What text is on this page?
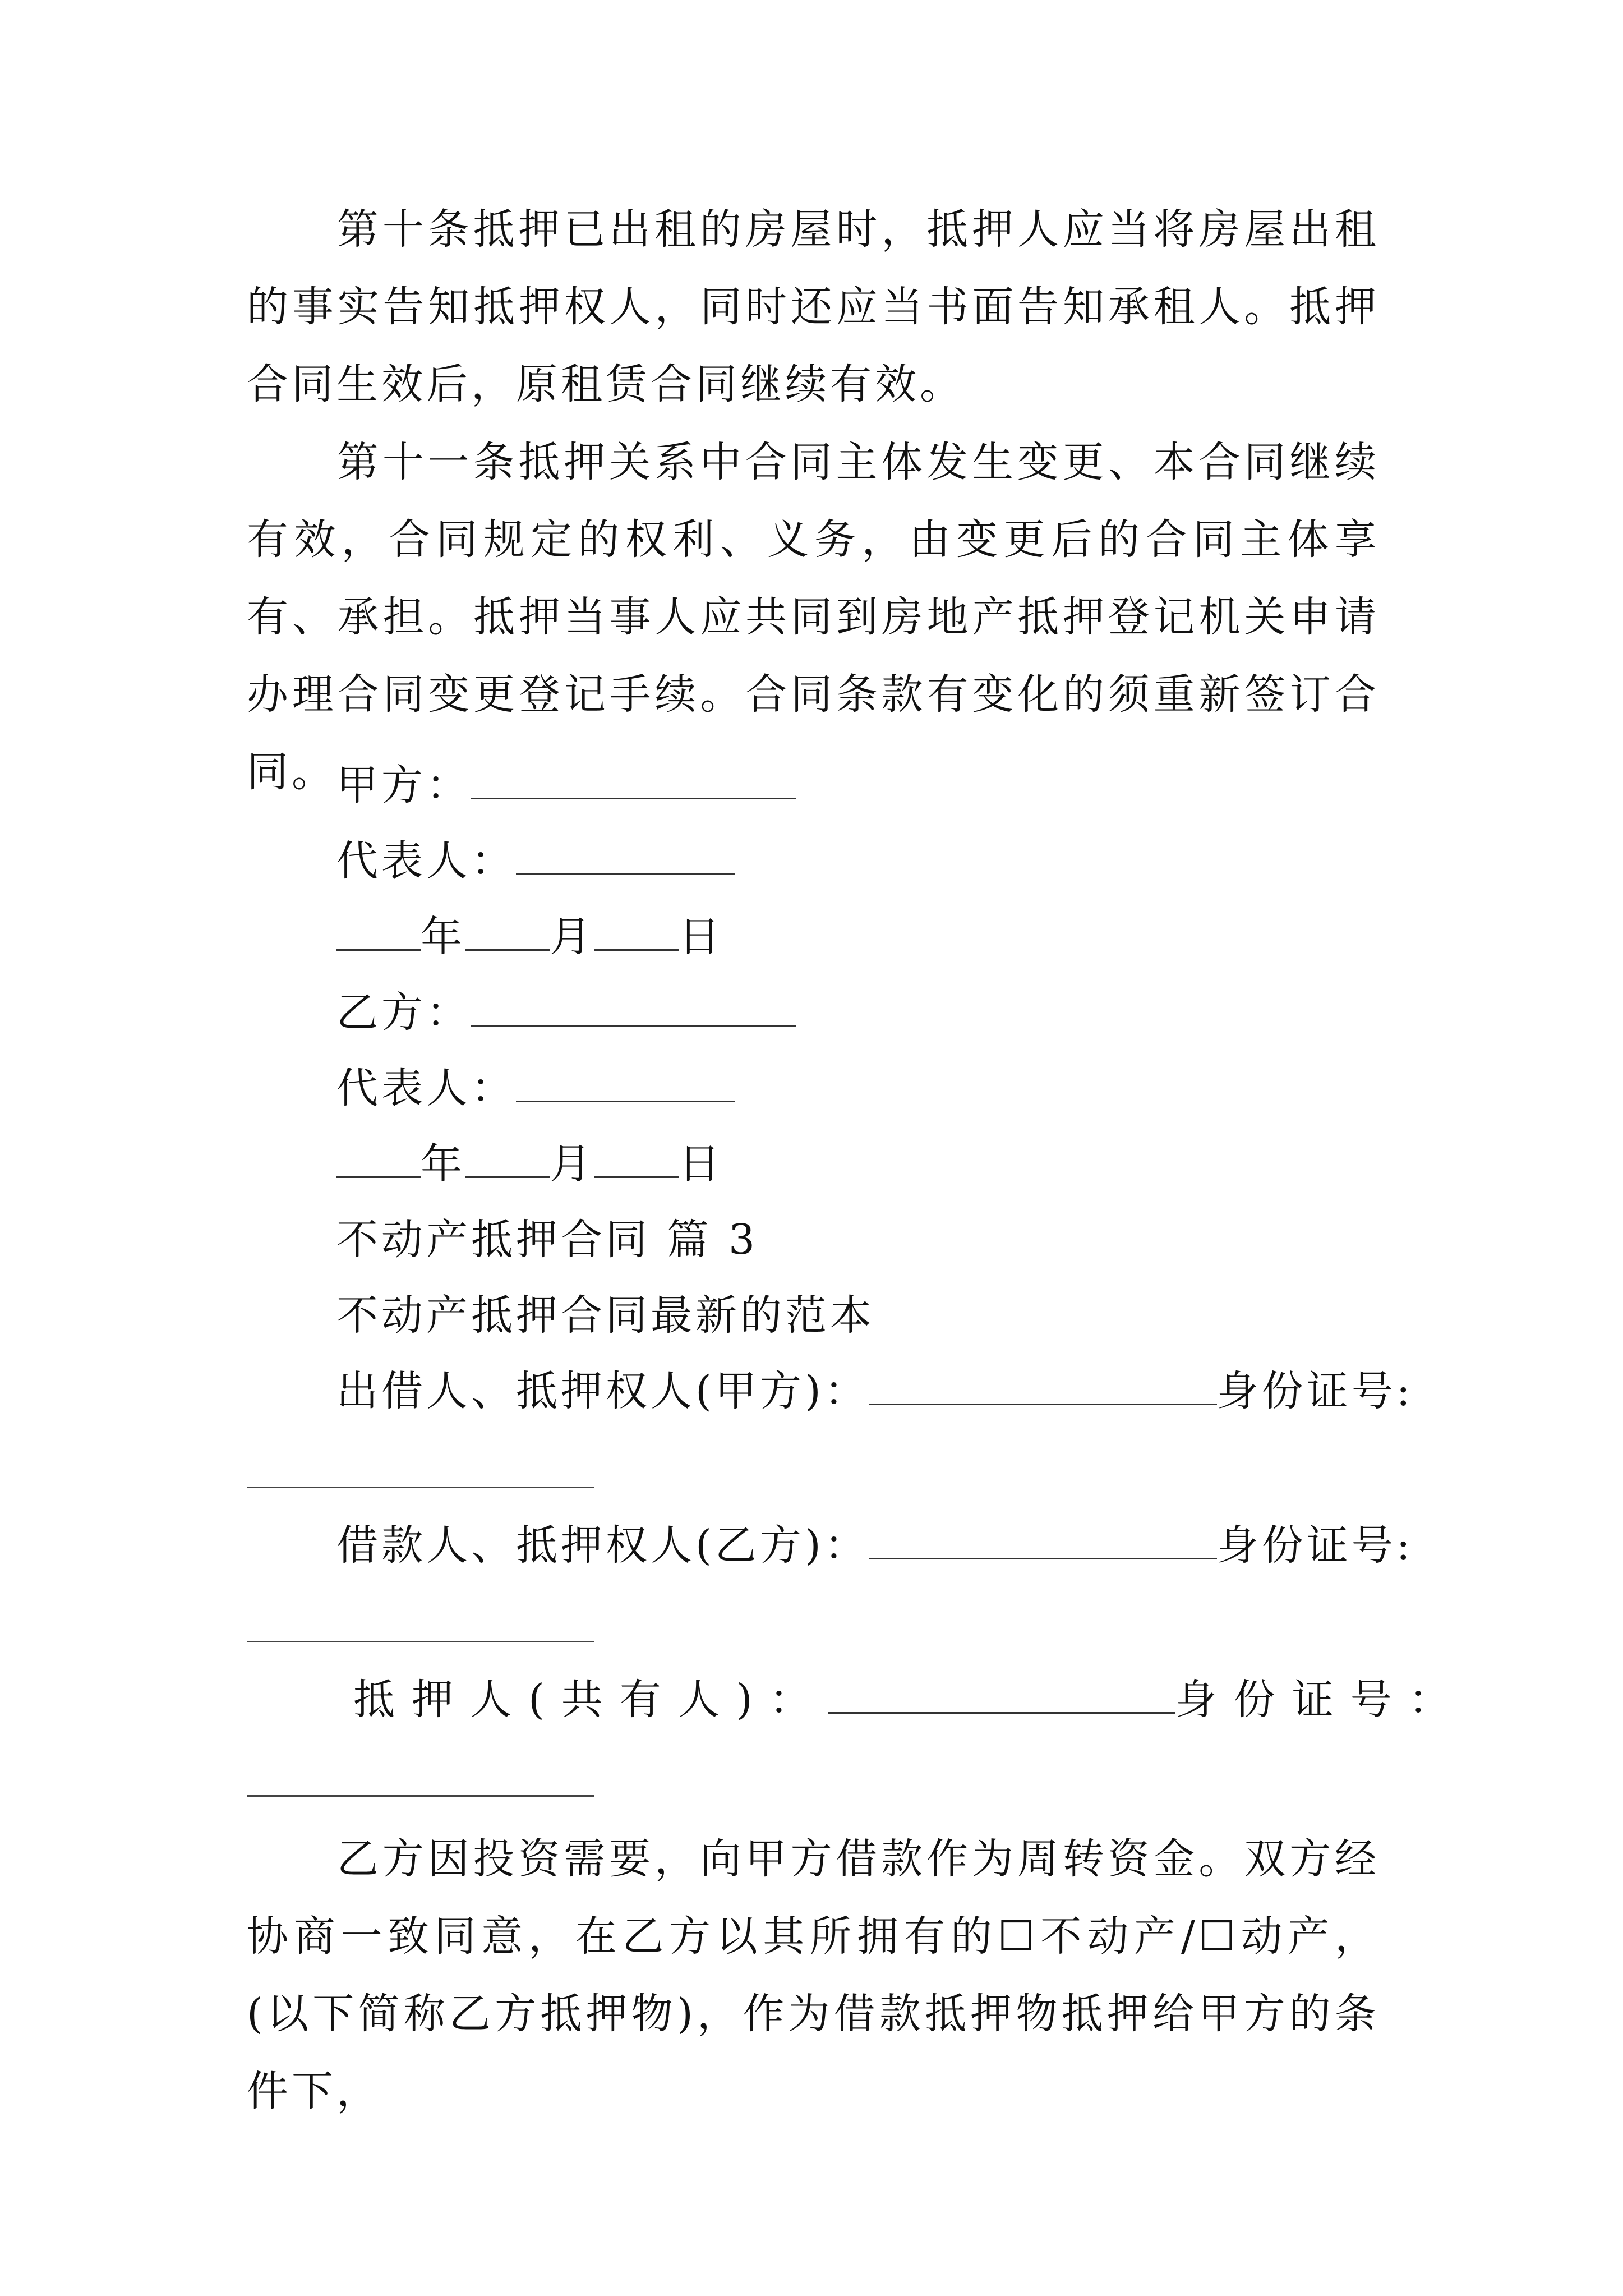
第十条抵押已出租的房屋时，抵押人应当将房屋出租的事实告知抵押权人，同时还应当书面告知承租人。抵押合同生效后，原租赁合同继续有效。
第十一条抵押关系中合同主体发生变更、本合同继续有效，合同规定的权利、义务，由变更后的合同主体享有、承担。抵押当事人应共同到房地产抵押登记机关申请办理合同变更登记手续。合同条款有变化的须重新签订合同。 甲方：
代表人：
年 月 日
乙方：
代表人：
年 月 日
不动产抵押合同 篇 3
不动产抵押合同最新的范本
出借人、抵押权人(甲方)：	身份证号:
借款人、抵押权人(乙方)：	身份证号:
抵押人(共有人)：	身份证号：
乙方因投资需要，向甲方借款作为周转资金。双方经协商一致同意，在乙方以其所拥有的☐不动产/☐动产，(以下简称乙方抵押物)，作为借款抵押物抵押给甲方的条件下，
